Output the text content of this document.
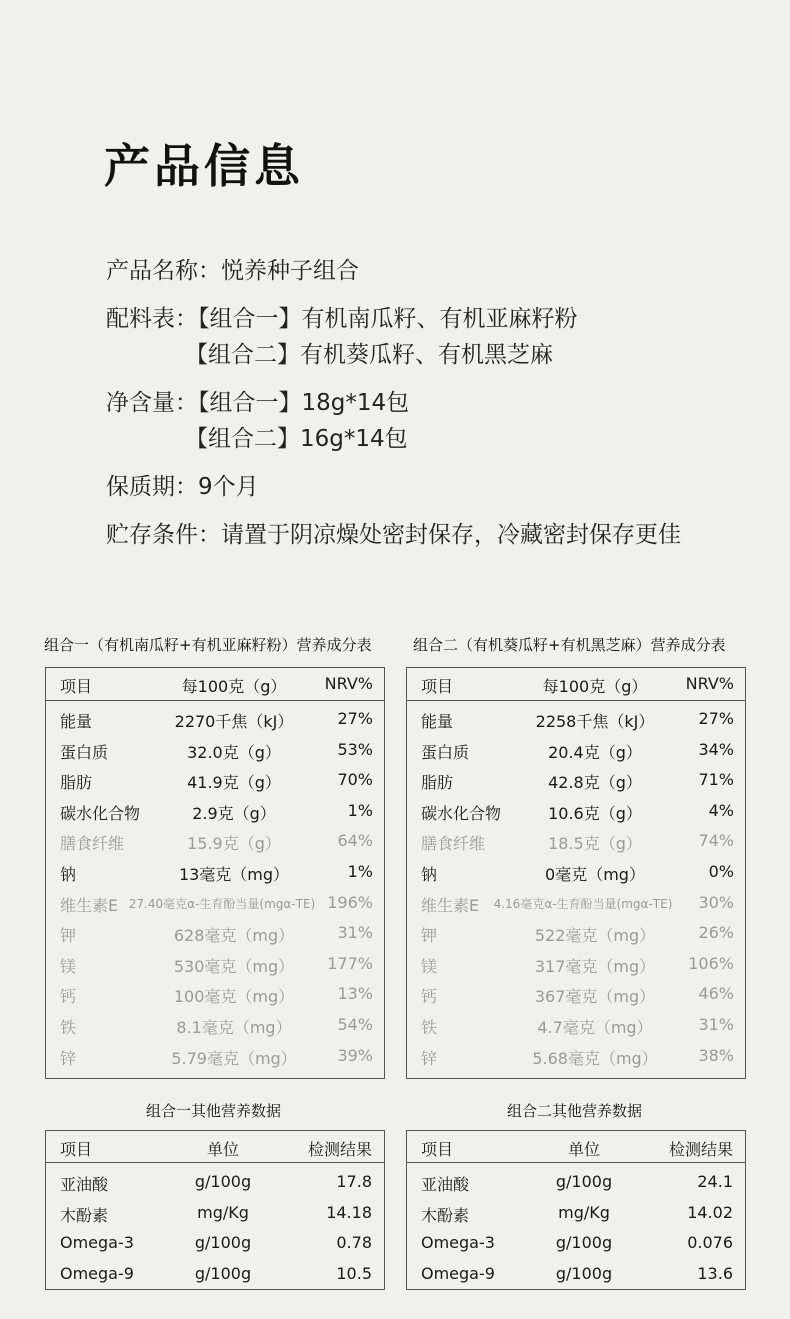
产品信息
产品名称：悦养种子组合
配料表：【组合一】有机南瓜籽、有机亚麻籽粉
【组合二】有机葵瓜籽、有机黑芝麻
净含量：【组合一】18g*14包
【组合二】16g*14包
保质期：9个月
贮存条件：请置于阴凉燥处密封保存，冷藏密封保存更佳
组合一（有机南瓜籽+有机亚麻籽粉）营养成分表
项目	每100克（g） NRV%
能量	2270千焦（kJ）	27%
蛋白质	32.0克（g）	53%
脂肪	41.9克（g）	70%
碳水化合物	2.9克（g）	1%
膳食纤维	15.9克（g）	64%
钠	13毫克（mg）	1%
维生素E 27.40毫克α-生育酚当量(mgα-TE) 196%
钾	628毫克（mg）	31%
镁	530毫克（mg） 177%
钙	100毫克（mg）	13%
铁	8.1毫克（mg）	54%
锌	5.79毫克（mg）	39%
组合二（有机葵瓜籽+有机黑芝麻）营养成分表
项目	每100克（g） NRV%
能量	2258千焦（kJ）	27%
蛋白质	20.4克（g）	34%
脂肪	42.8克（g）	71%
碳水化合物	10.6克（g）	4%
膳食纤维	18.5克（g）	74%
钠	0毫克（mg）	0%
维生素E 4.16毫克α-生育酚当量(mgα-TE) 30%
钾	522毫克（mg）	26%
镁	317毫克（mg） 106%
钙	367毫克（mg）	46%
铁	4.7毫克（mg）	31%
锌	5.68毫克（mg）	38%
组合一其他营养数据
项目	单位	检测结果
亚油酸	g/100g	17.8
木酚素	mg/Kg	14.18
Omega-3	g/100g	0.78
Omega-9	g/100g	10.5
组合二其他营养数据
项目	单位	检测结果
亚油酸	g/100g	24.1
木酚素	mg/Kg	14.02
Omega-3	g/100g	0.076
Omega-9	g/100g	13.6
